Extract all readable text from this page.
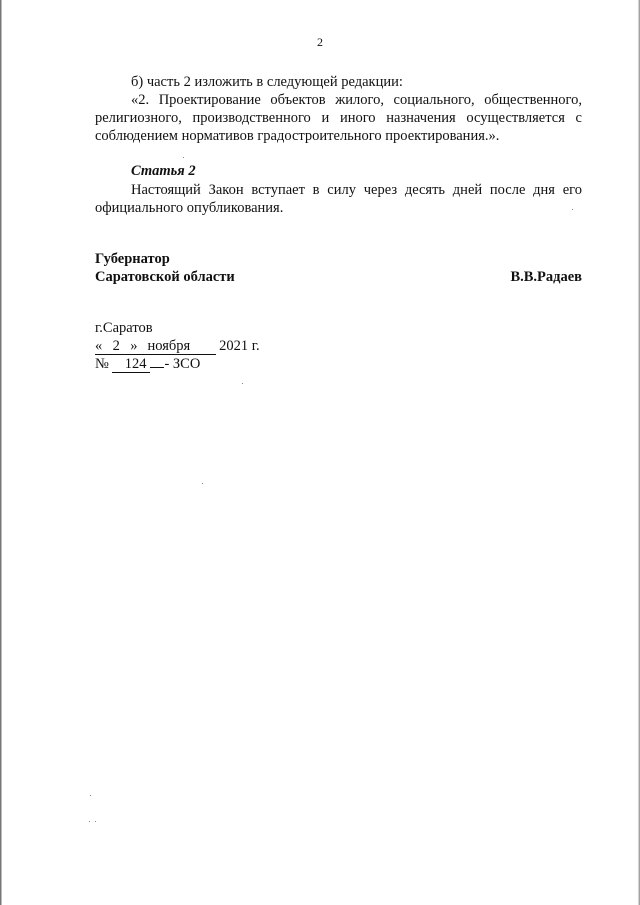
2

б) часть 2 изложить в следующей редакции:

«2. Проектирование объектов жилого, социального, общественного, религиозного, производственного и иного назначения осуществляется с соблюдением нормативов градостроительного проектирования.».

Статья 2

Настоящий Закон вступает в силу через десять дней после дня его официального опубликования.

Губернатор
Саратовской области	В.В.Радаев
г.Саратов
« 2 » ноября 2021 г.
№ 124 - ЗСО
